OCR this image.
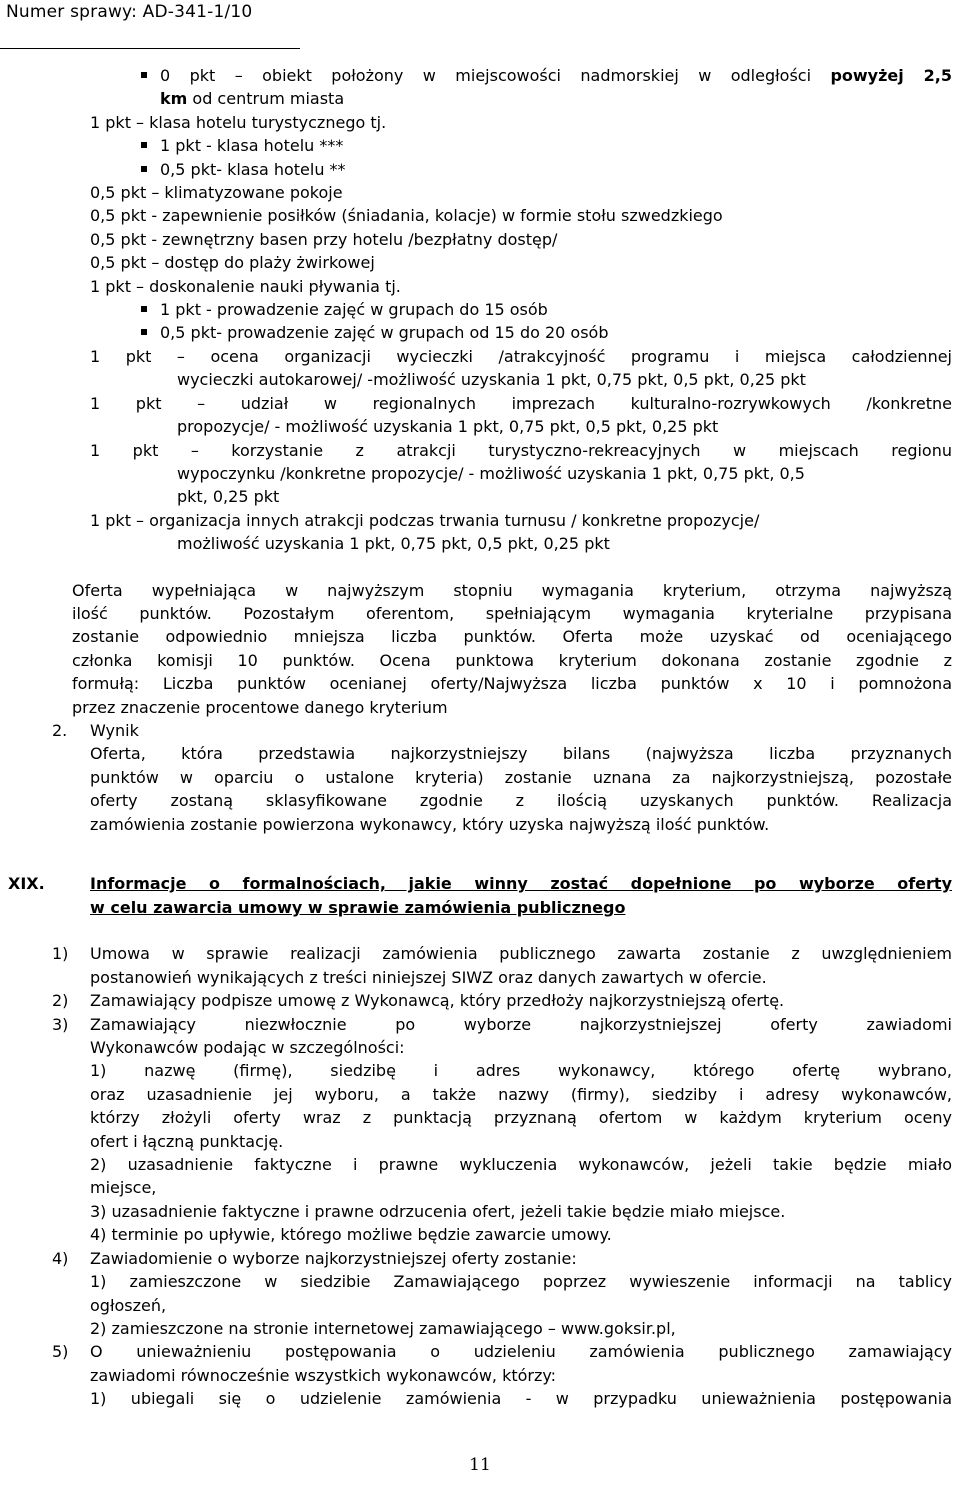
Numer sprawy: AD-341-1/10
0 pkt – obiekt położony w miejscowości nadmorskiej w odległości powyżej 2,5
km od centrum miasta
1 pkt – klasa hotelu turystycznego tj.
1 pkt - klasa hotelu ***
0,5 pkt- klasa hotelu **
0,5 pkt – klimatyzowane pokoje
0,5 pkt - zapewnienie posiłków (śniadania, kolacje) w formie stołu szwedzkiego
0,5 pkt - zewnętrzny basen przy hotelu /bezpłatny dostęp/
0,5 pkt – dostęp do plaży żwirkowej
1 pkt – doskonalenie nauki pływania tj.
1 pkt - prowadzenie zajęć w grupach do 15 osób
0,5 pkt- prowadzenie zajęć w grupach od 15 do 20 osób
1 pkt – ocena organizacji wycieczki /atrakcyjność programu i miejsca całodziennej
wycieczki autokarowej/ -możliwość uzyskania 1 pkt, 0,75 pkt, 0,5 pkt, 0,25 pkt
1 pkt – udział w regionalnych imprezach kulturalno-rozrywkowych /konkretne
propozycje/ - możliwość uzyskania 1 pkt, 0,75 pkt, 0,5 pkt, 0,25 pkt
1 pkt – korzystanie z atrakcji turystyczno-rekreacyjnych w miejscach regionu
wypoczynku /konkretne propozycje/ - możliwość uzyskania 1 pkt, 0,75 pkt, 0,5
pkt, 0,25 pkt
1 pkt – organizacja innych atrakcji podczas trwania turnusu / konkretne propozycje/
możliwość uzyskania 1 pkt, 0,75 pkt, 0,5 pkt, 0,25 pkt
Oferta wypełniająca w najwyższym stopniu wymagania kryterium, otrzyma najwyższą
ilość punktów. Pozostałym oferentom, spełniającym wymagania kryterialne przypisana
zostanie odpowiednio mniejsza liczba punktów. Oferta może uzyskać od oceniającego
członka komisji 10 punktów. Ocena punktowa kryterium dokonana zostanie zgodnie z
formułą: Liczba punktów ocenianej oferty/Najwyższa liczba punktów x 10 i pomnożona
przez znaczenie procentowe danego kryterium
2. Wynik
Oferta, która przedstawia najkorzystniejszy bilans (najwyższa liczba przyznanych
punktów w oparciu o ustalone kryteria) zostanie uznana za najkorzystniejszą, pozostałe
oferty zostaną sklasyfikowane zgodnie z ilością uzyskanych punktów. Realizacja
zamówienia zostanie powierzona wykonawcy, który uzyska najwyższą ilość punktów.
XIX.	Informacje o formalnościach, jakie winny zostać dopełnione po wyborze oferty
w celu zawarcia umowy w sprawie zamówienia publicznego
1) Umowa w sprawie realizacji zamówienia publicznego zawarta zostanie z uwzględnieniem
postanowień wynikających z treści niniejszej SIWZ oraz danych zawartych w ofercie.
2) Zamawiający podpisze umowę z Wykonawcą, który przedłoży najkorzystniejszą ofertę.
3) Zamawiający niezwłocznie po wyborze najkorzystniejszej oferty zawiadomi
Wykonawców podając w szczególności:
1) nazwę (firmę), siedzibę i adres wykonawcy, którego ofertę wybrano,
oraz uzasadnienie jej wyboru, a także nazwy (firmy), siedziby i adresy wykonawców,
którzy złożyli oferty wraz z punktacją przyznaną ofertom w każdym kryterium oceny
ofert i łączną punktację.
2) uzasadnienie faktyczne i prawne wykluczenia wykonawców, jeżeli takie będzie miało
miejsce,
3) uzasadnienie faktyczne i prawne odrzucenia ofert, jeżeli takie będzie miało miejsce.
4) terminie po upływie, którego możliwe będzie zawarcie umowy.
4) Zawiadomienie o wyborze najkorzystniejszej oferty zostanie:
1) zamieszczone w siedzibie Zamawiającego poprzez wywieszenie informacji na tablicy
ogłoszeń,
2) zamieszczone na stronie internetowej zamawiającego – www.goksir.pl,
5) O unieważnieniu postępowania o udzieleniu zamówienia publicznego zamawiający
zawiadomi równocześnie wszystkich wykonawców, którzy:
1) ubiegali się o udzielenie zamówienia - w przypadku unieważnienia postępowania
11
